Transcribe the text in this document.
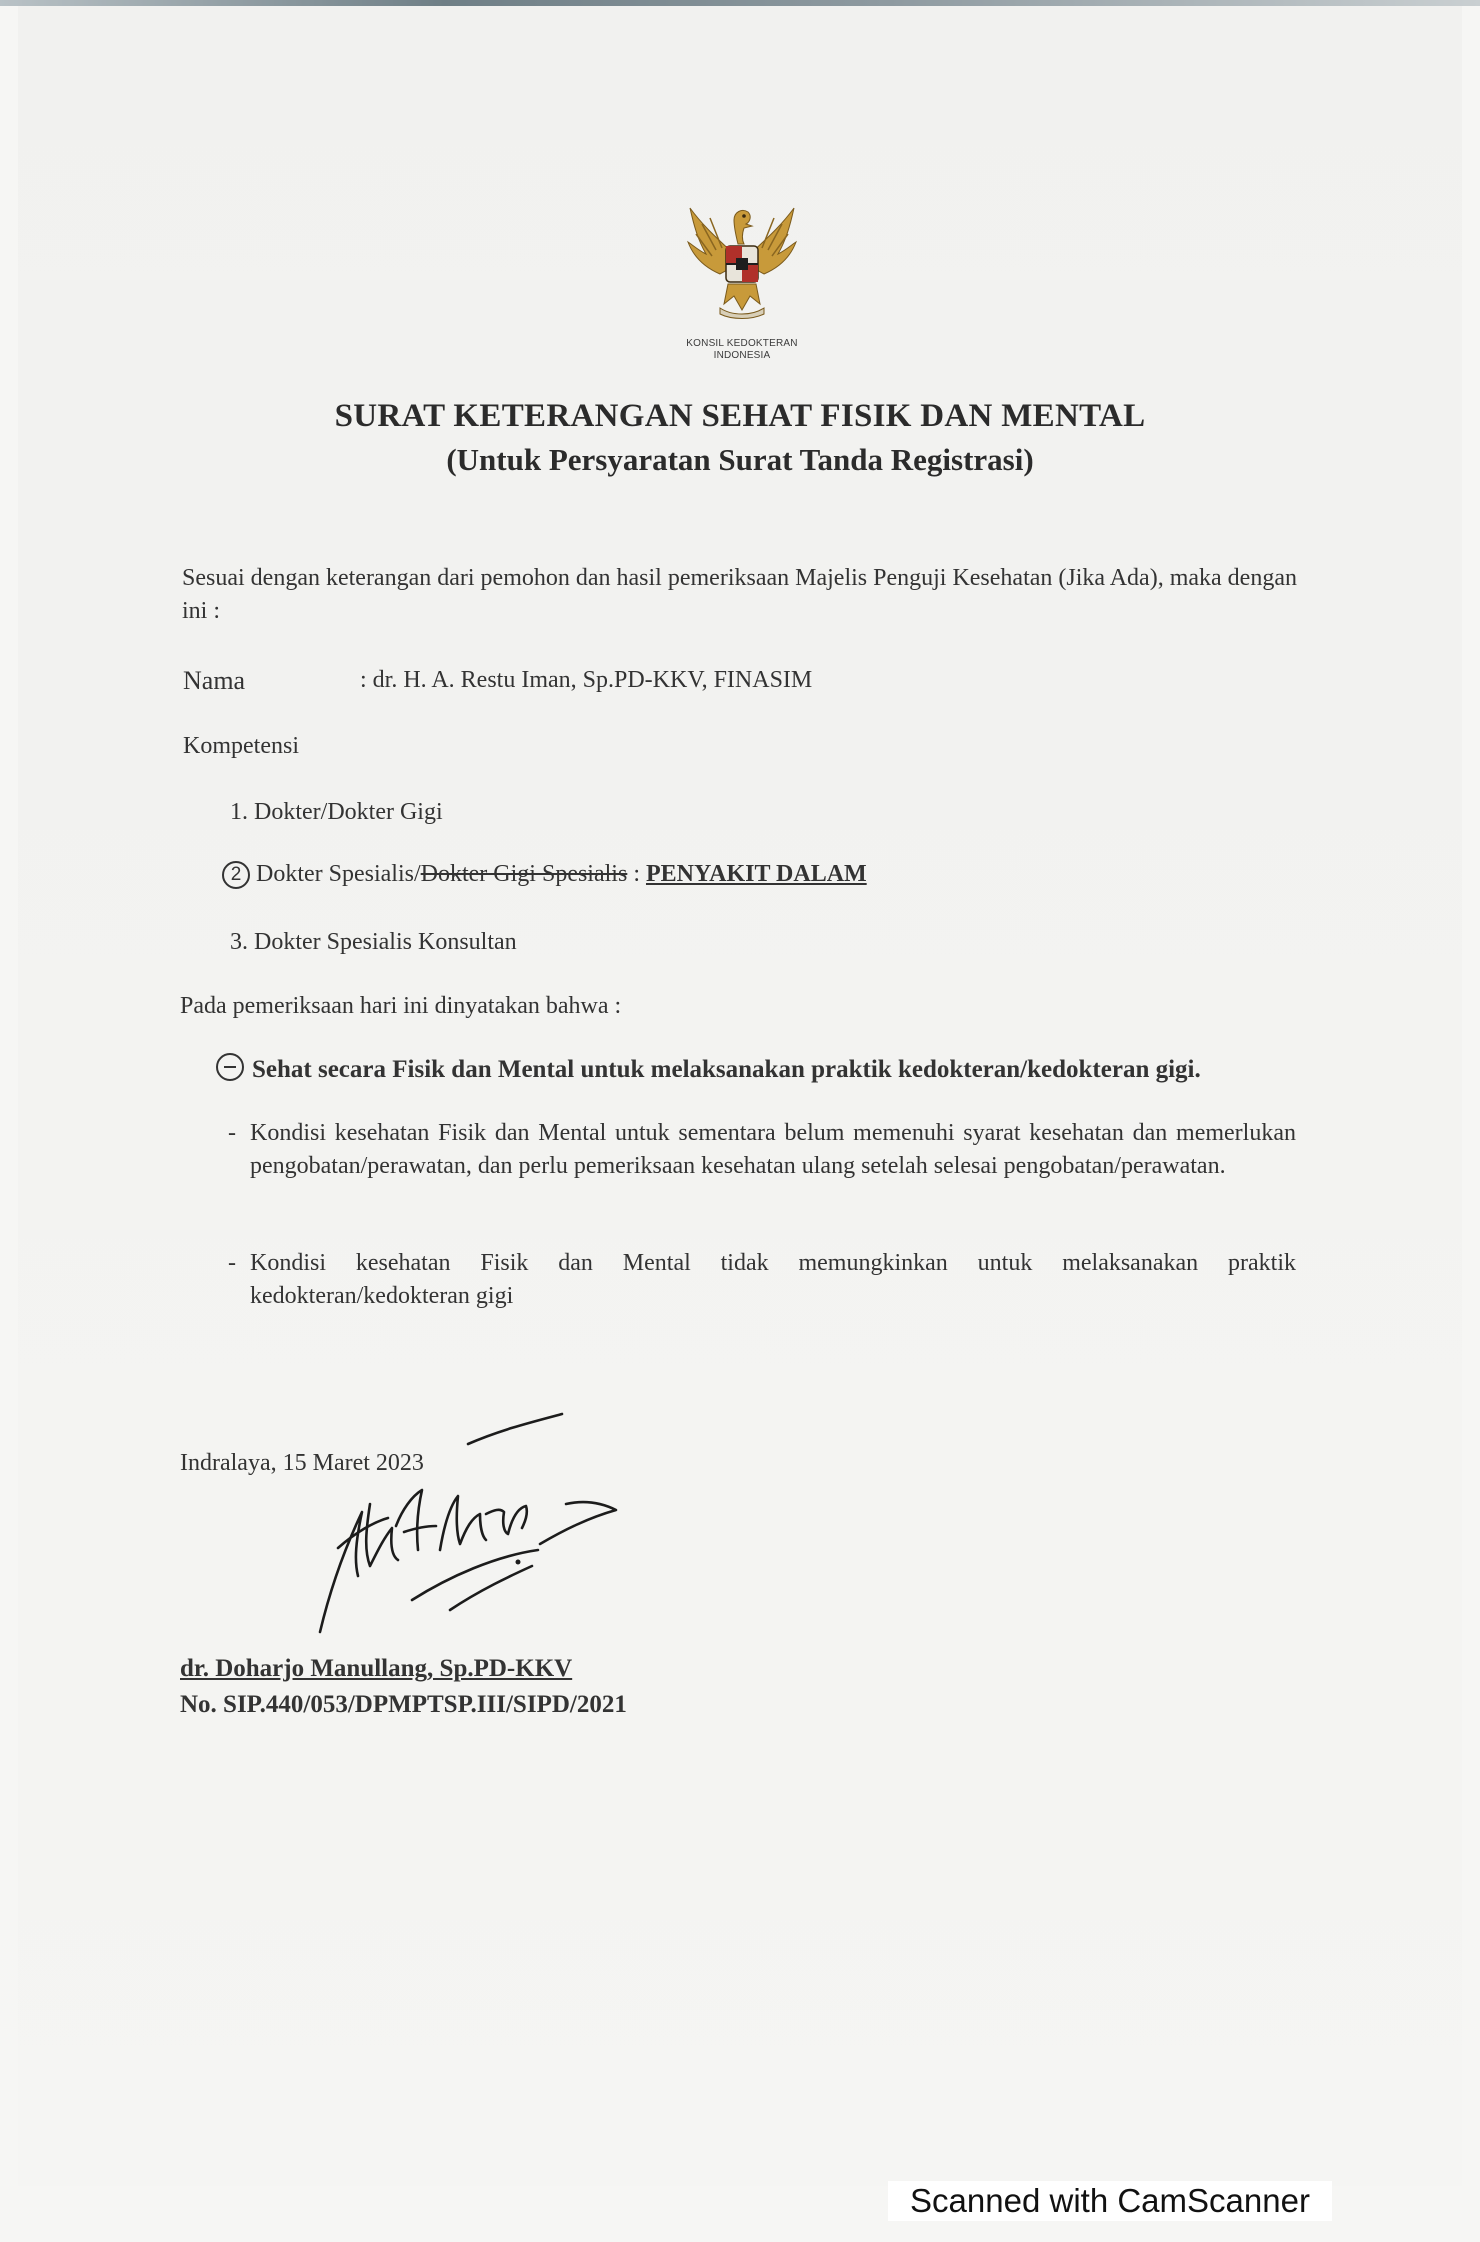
KONSIL KEDOKTERAN
INDONESIA
SURAT KETERANGAN SEHAT FISIK DAN MENTAL
(Untuk Persyaratan Surat Tanda Registrasi)
Sesuai dengan keterangan dari pemohon dan hasil pemeriksaan Majelis Penguji Kesehatan (Jika Ada), maka dengan ini :
Nama	: dr. H. A. Restu Iman, Sp.PD-KKV, FINASIM
Kompetensi
1. Dokter/Dokter Gigi
2 Dokter Spesialis/Dokter Gigi Spesialis : PENYAKIT DALAM
3. Dokter Spesialis Konsultan
Pada pemeriksaan hari ini dinyatakan bahwa :
Sehat secara Fisik dan Mental untuk melaksanakan praktik kedokteran/kedokteran gigi.
- Kondisi kesehatan Fisik dan Mental untuk sementara belum memenuhi syarat kesehatan dan memerlukan pengobatan/perawatan, dan perlu pemeriksaan kesehatan ulang setelah selesai pengobatan/perawatan.
- Kondisi kesehatan Fisik dan Mental tidak memungkinkan untuk melaksanakan praktik kedokteran/kedokteran gigi
Indralaya, 15 Maret 2023
dr. Doharjo Manullang, Sp.PD-KKV
No. SIP.440/053/DPMPTSP.III/SIPD/2021
Scanned with CamScanner
